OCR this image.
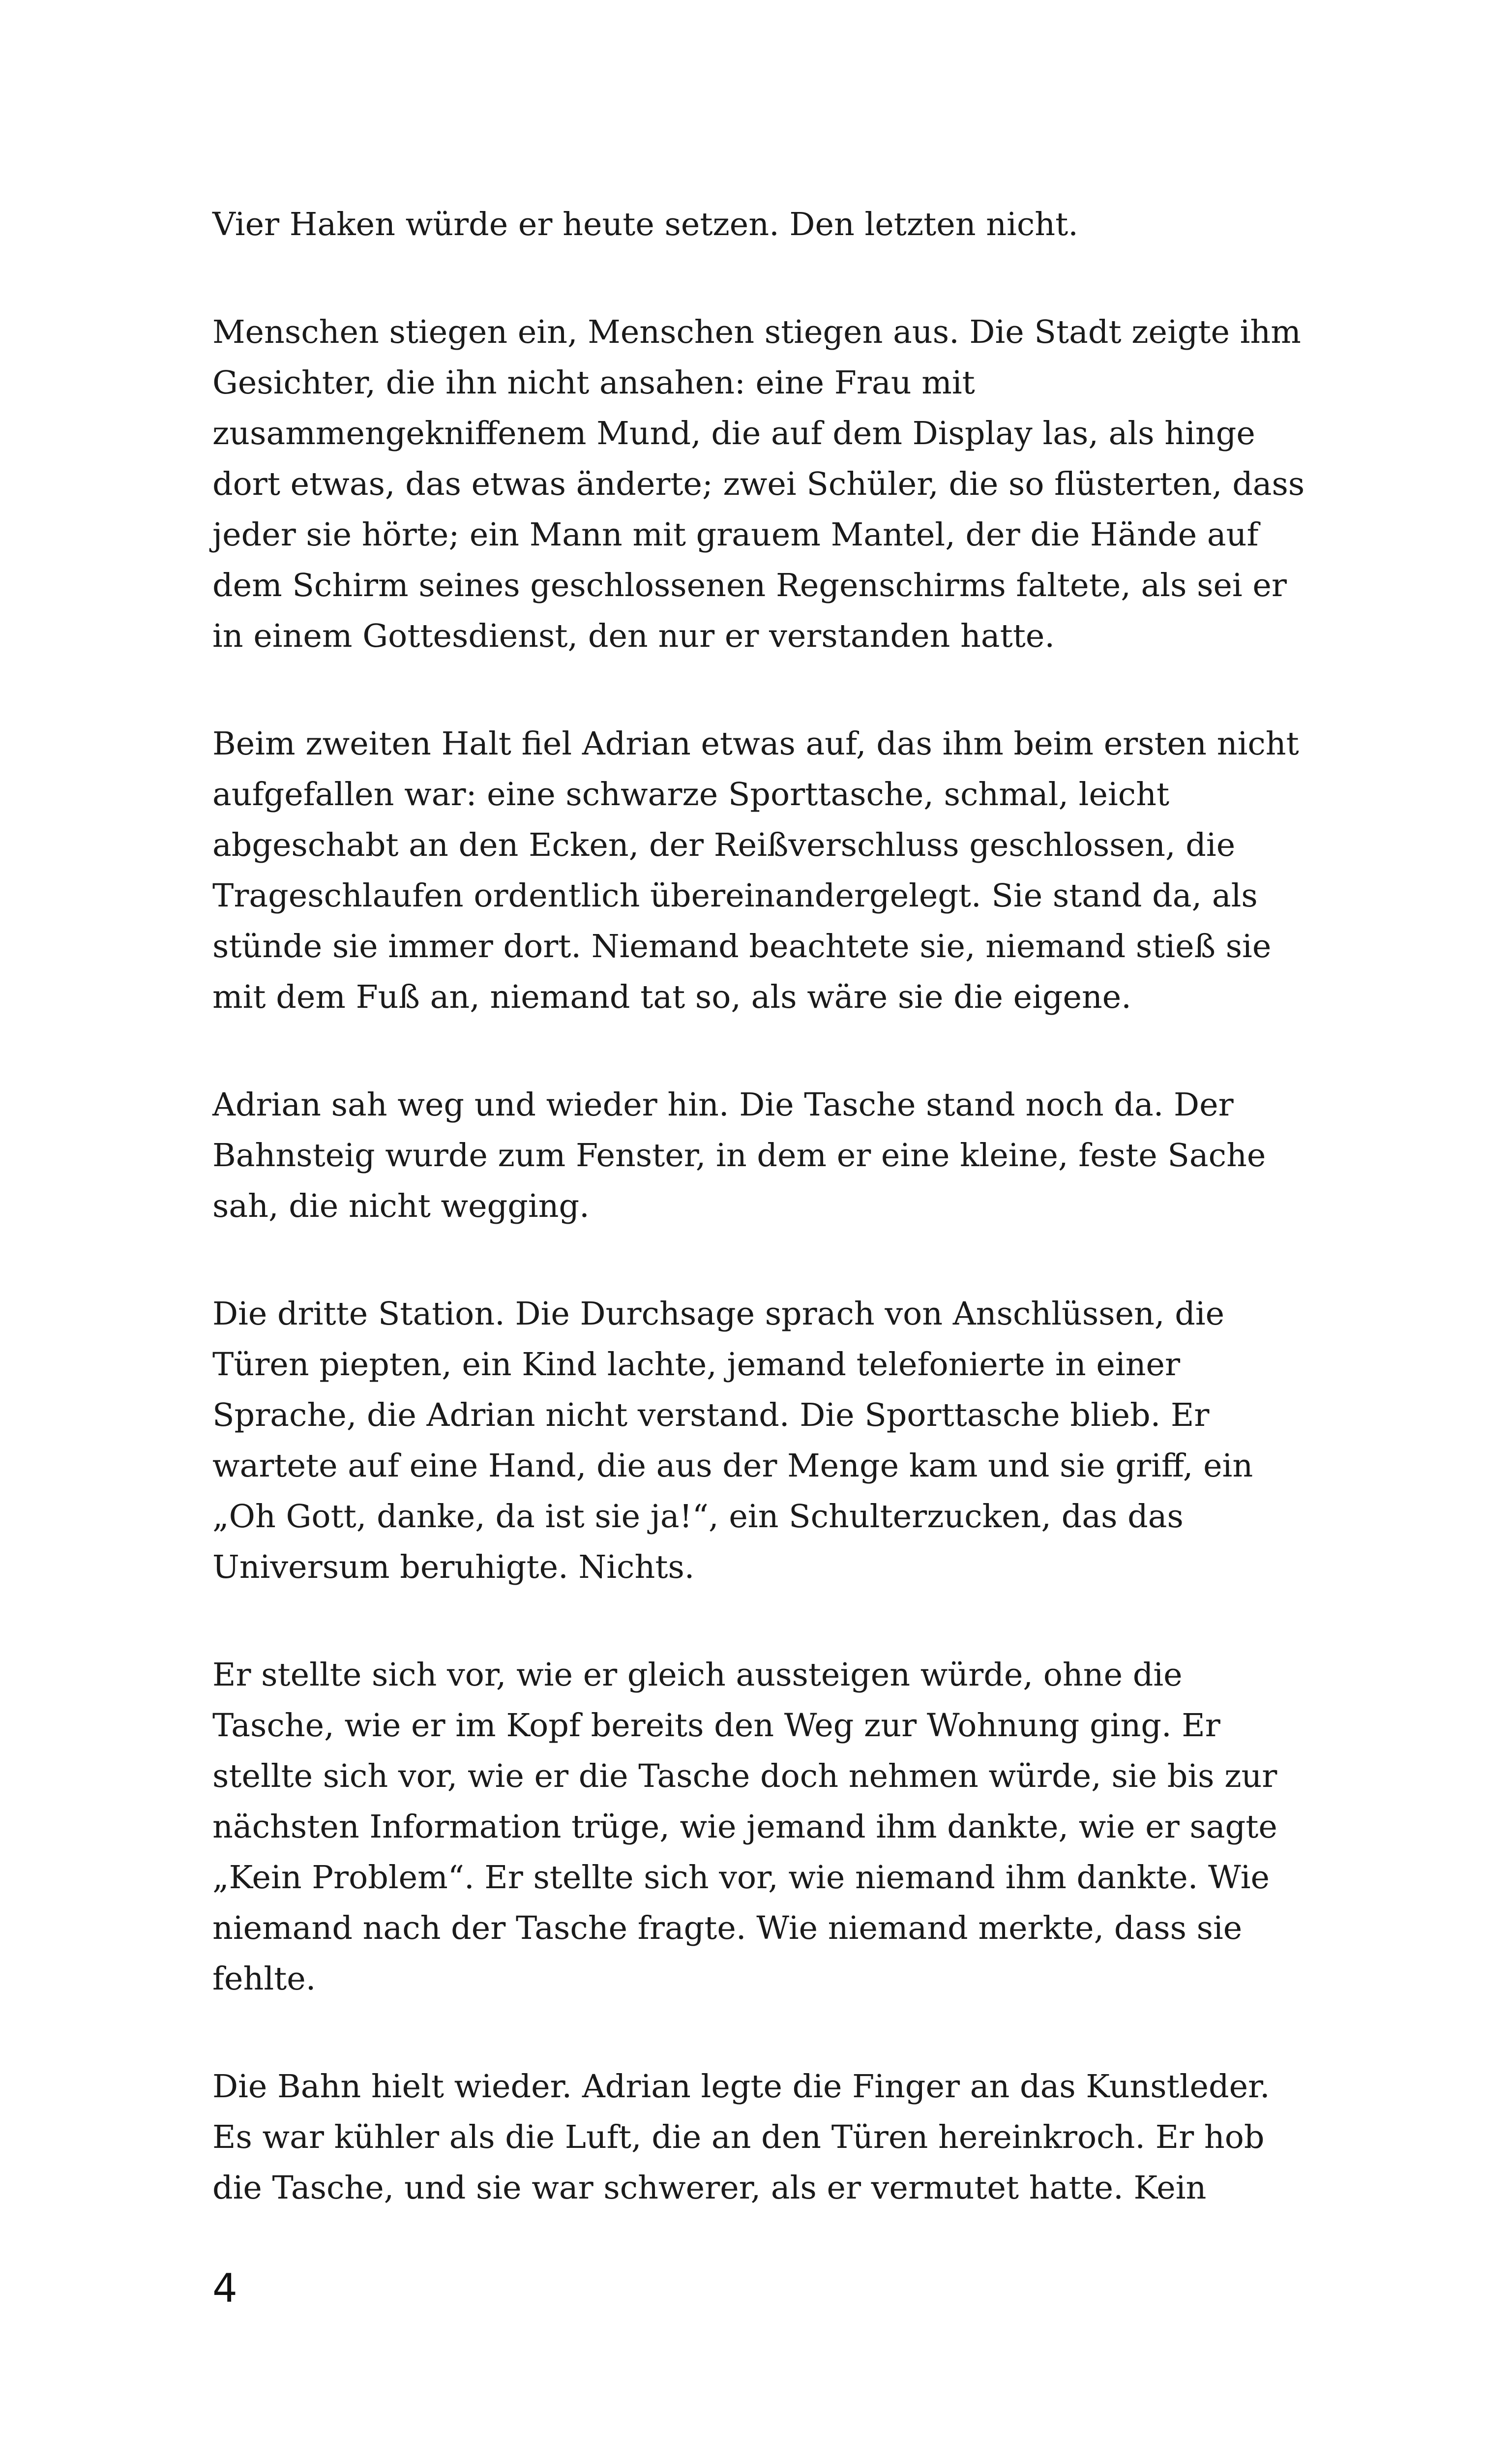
Vier Haken würde er heute setzen. Den letzten nicht.

Menschen stiegen ein, Menschen stiegen aus. Die Stadt zeigte ihm Gesichter, die ihn nicht ansahen: eine Frau mit zusammengekniffenem Mund, die auf dem Display las, als hinge dort etwas, das etwas änderte; zwei Schüler, die so flüsterten, dass jeder sie hörte; ein Mann mit grauem Mantel, der die Hände auf dem Schirm seines geschlossenen Regenschirms faltete, als sei er in einem Gottesdienst, den nur er verstanden hatte.

Beim zweiten Halt fiel Adrian etwas auf, das ihm beim ersten nicht aufgefallen war: eine schwarze Sporttasche, schmal, leicht abgeschabt an den Ecken, der Reißverschluss geschlossen, die Trageschlaufen ordentlich übereinandergelegt. Sie stand da, als stünde sie immer dort. Niemand beachtete sie, niemand stieß sie mit dem Fuß an, niemand tat so, als wäre sie die eigene.

Adrian sah weg und wieder hin. Die Tasche stand noch da. Der Bahnsteig wurde zum Fenster, in dem er eine kleine, feste Sache sah, die nicht wegging.

Die dritte Station. Die Durchsage sprach von Anschlüssen, die Türen piepten, ein Kind lachte, jemand telefonierte in einer Sprache, die Adrian nicht verstand. Die Sporttasche blieb. Er wartete auf eine Hand, die aus der Menge kam und sie griff, ein „Oh Gott, danke, da ist sie ja!“, ein Schulterzucken, das das Universum beruhigte. Nichts.

Er stellte sich vor, wie er gleich aussteigen würde, ohne die Tasche, wie er im Kopf bereits den Weg zur Wohnung ging. Er stellte sich vor, wie er die Tasche doch nehmen würde, sie bis zur nächsten Information trüge, wie jemand ihm dankte, wie er sagte „Kein Problem“. Er stellte sich vor, wie niemand ihm dankte. Wie niemand nach der Tasche fragte. Wie niemand merkte, dass sie fehlte.

Die Bahn hielt wieder. Adrian legte die Finger an das Kunstleder. Es war kühler als die Luft, die an den Türen hereinkroch. Er hob die Tasche, und sie war schwerer, als er vermutet hatte. Kein

4
